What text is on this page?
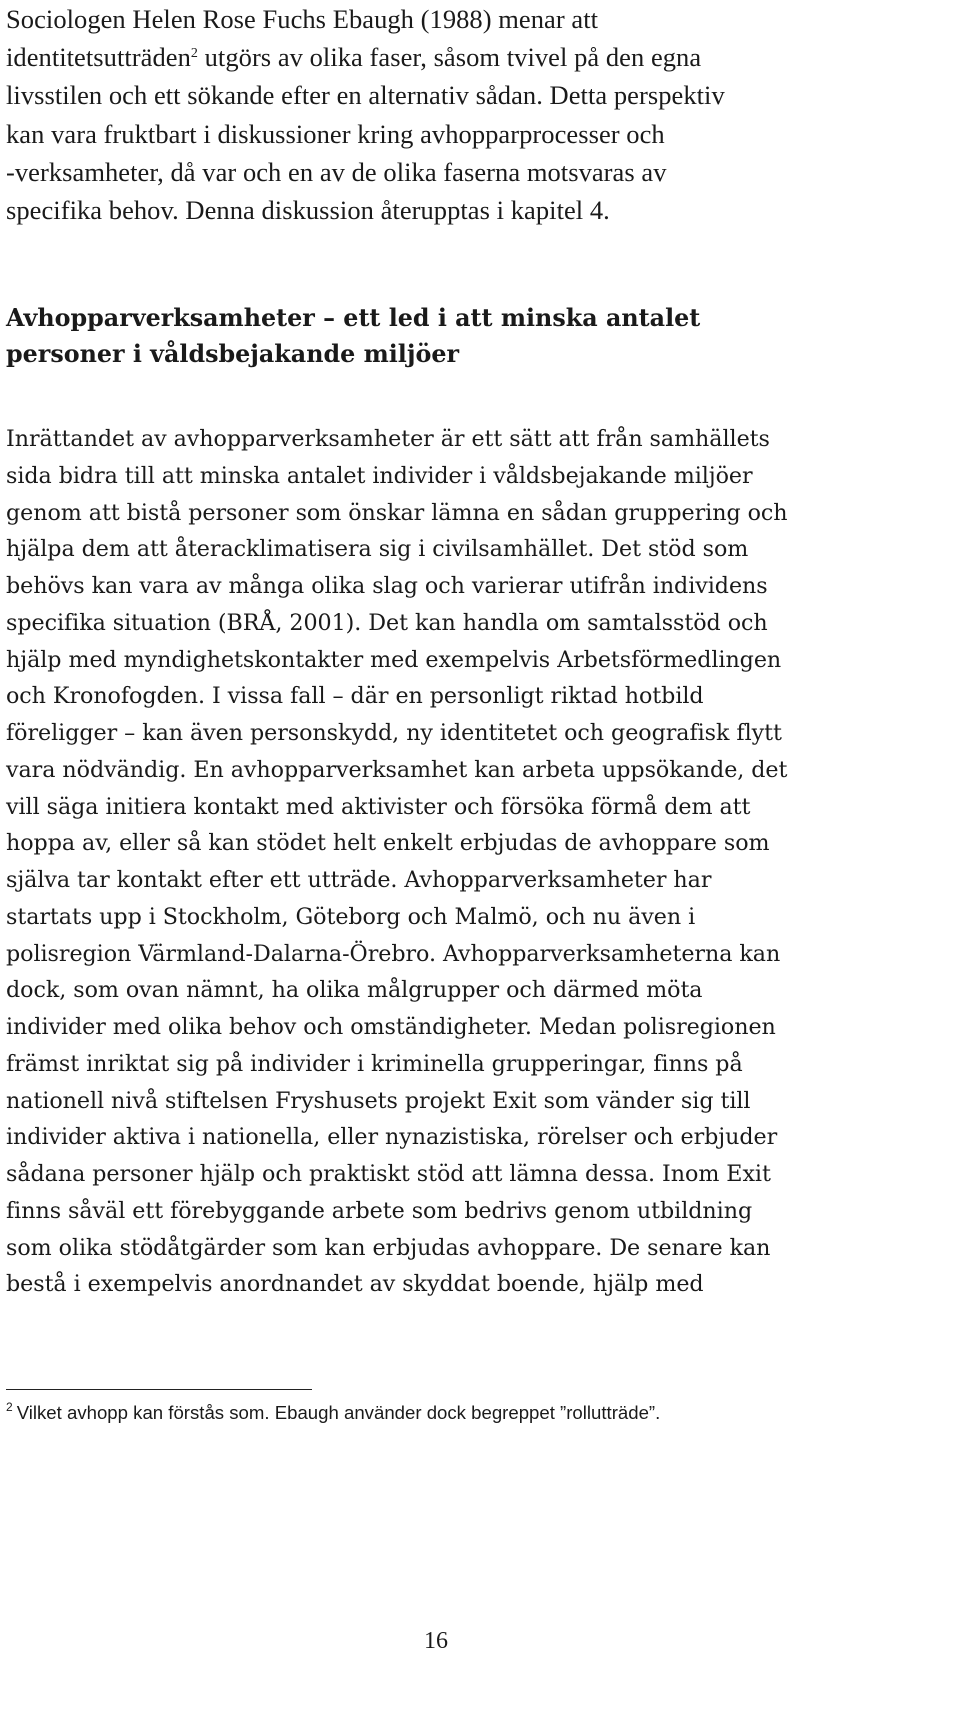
Sociologen Helen Rose Fuchs Ebaugh (1988) menar att
identitetsutträden$^2$ utgörs av olika faser, såsom tvivel på den egna
livsstilen och ett sökande efter en alternativ sådan. Detta perspektiv
kan vara fruktbart i diskussioner kring avhopparprocesser och
-verksamheter, då var och en av de olika faserna motsvaras av
specifika behov. Denna diskussion återupptas i kapitel 4.
Avhopparverksamheter – ett led i att minska antalet
personer i våldsbejakande miljöer
Inrättandet av avhopparverksamheter är ett sätt att från samhällets
sida bidra till att minska antalet individer i våldsbejakande miljöer
genom att bistå personer som önskar lämna en sådan gruppering och
hjälpa dem att återacklimatisera sig i civilsamhället. Det stöd som
behövs kan vara av många olika slag och varierar utifrån individens
specifika situation (BRÅ, 2001). Det kan handla om samtalsstöd och
hjälp med myndighetskontakter med exempelvis Arbetsförmedlingen
och Kronofogden. I vissa fall – där en personligt riktad hotbild
föreligger – kan även personskydd, ny identitetet och geografisk flytt
vara nödvändig. En avhopparverksamhet kan arbeta uppsökande, det
vill säga initiera kontakt med aktivister och försöka förmå dem att
hoppa av, eller så kan stödet helt enkelt erbjudas de avhoppare som
själva tar kontakt efter ett utträde. Avhopparverksamheter har
startats upp i Stockholm, Göteborg och Malmö, och nu även i
polisregion Värmland-Dalarna-Örebro. Avhopparverksamheterna kan
dock, som ovan nämnt, ha olika målgrupper och därmed möta
individer med olika behov och omständigheter. Medan polisregionen
främst inriktat sig på individer i kriminella grupperingar, finns på
nationell nivå stiftelsen Fryshusets projekt Exit som vänder sig till
individer aktiva i nationella, eller nynazistiska, rörelser och erbjuder
sådana personer hjälp och praktiskt stöd att lämna dessa. Inom Exit
finns såväl ett förebyggande arbete som bedrivs genom utbildning
som olika stödåtgärder som kan erbjudas avhoppare. De senare kan
bestå i exempelvis anordnandet av skyddat boende, hjälp med
$^2$ Vilket avhopp kan förstås som. Ebaugh använder dock begreppet ”rollutträde”.
16
